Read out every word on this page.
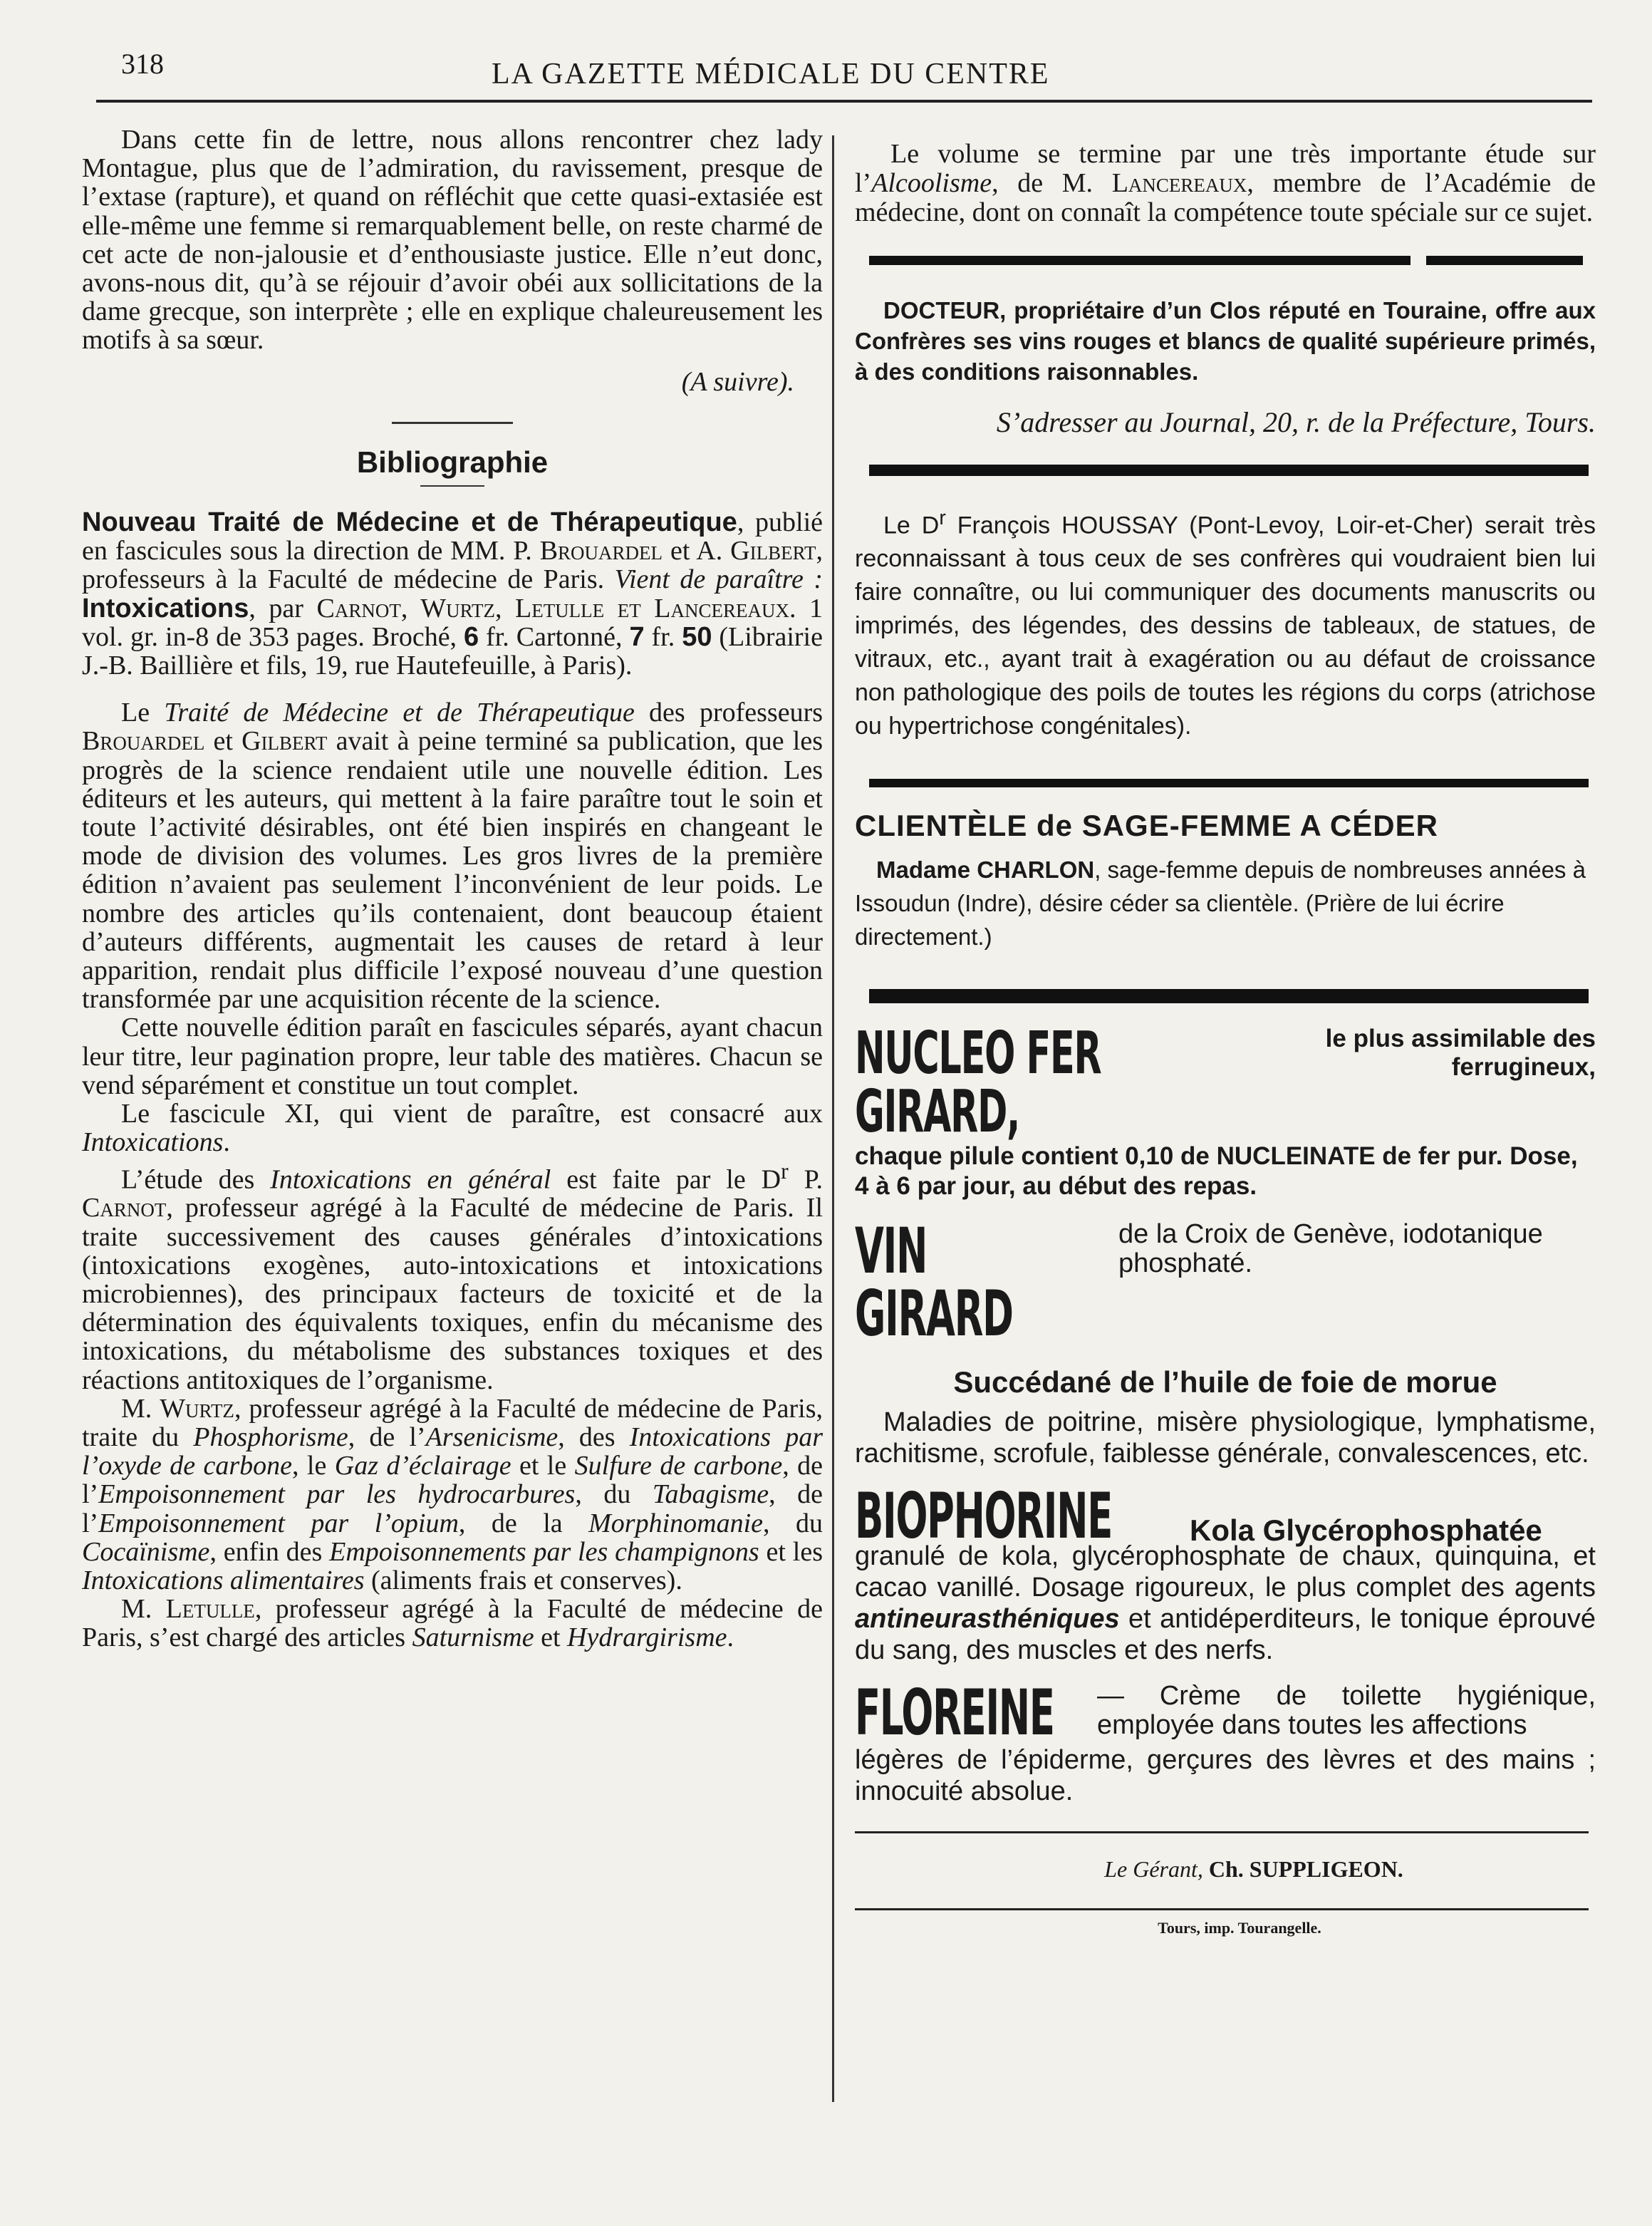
318	LA GAZETTE MÉDICALE DU CENTRE

Dans cette fin de lettre, nous allons rencontrer chez lady Montague, plus que de l’admiration, du ravissement, presque de l’extase (rapture), et quand on réfléchit que cette quasi-extasiée est elle-même une femme si remarquablement belle, on reste charmé de cet acte de non-jalousie et d’enthousiaste justice. Elle n’eut donc, avons-nous dit, qu’à se réjouir d’avoir obéi aux sollicitations de la dame grecque, son interprète ; elle en explique chaleureusement les motifs à sa sœur.

(A suivre).
Bibliographie

Nouveau Traité de Médecine et de Thérapeutique, publié en fascicules sous la direction de MM. P. Brouardel et A. Gilbert, professeurs à la Faculté de médecine de Paris. Vient de paraître : Intoxications, par Carnot, Wurtz, Letulle et Lancereaux. 1 vol. gr. in-8 de 353 pages. Broché, 6 fr. Cartonné, 7 fr. 50 (Librairie J.-B. Baillière et fils, 19, rue Hautefeuille, à Paris).

Le Traité de Médecine et de Thérapeutique des professeurs Brouardel et Gilbert avait à peine terminé sa publication, que les progrès de la science rendaient utile une nouvelle édition. Les éditeurs et les auteurs, qui mettent à la faire paraître tout le soin et toute l’activité désirables, ont été bien inspirés en changeant le mode de division des volumes. Les gros livres de la première édition n’avaient pas seulement l’inconvénient de leur poids. Le nombre des articles qu’ils contenaient, dont beaucoup étaient d’auteurs différents, augmentait les causes de retard à leur apparition, rendait plus difficile l’exposé nouveau d’une question transformée par une acquisition récente de la science.

Cette nouvelle édition paraît en fascicules séparés, ayant chacun leur titre, leur pagination propre, leur table des matières. Chacun se vend séparément et constitue un tout complet.

Le fascicule XI, qui vient de paraître, est consacré aux Intoxications.

L’étude des Intoxications en général est faite par le $D^r$ P. Carnot, professeur agrégé à la Faculté de médecine de Paris. Il traite successivement des causes générales d’intoxications (intoxications exogènes, auto-intoxications et intoxications microbiennes), des principaux facteurs de toxicité et de la détermination des équivalents toxiques, enfin du mécanisme des intoxications, du métabolisme des substances toxiques et des réactions antitoxiques de l’organisme.

M. Wurtz, professeur agrégé à la Faculté de médecine de Paris, traite du Phosphorisme, de l’Arsenicisme, des Intoxications par l’oxyde de carbone, le Gaz d’éclairage et le Sulfure de carbone, de l’Empoisonnement par les hydrocarbures, du Tabagisme, de l’Empoisonnement par l’opium, de la Morphinomanie, du Cocaïnisme, enfin des Empoisonnements par les champignons et les Intoxications alimentaires (aliments frais et conserves).

M. Letulle, professeur agrégé à la Faculté de médecine de Paris, s’est chargé des articles Saturnisme et Hydrargirisme.

Le volume se termine par une très importante étude sur l’Alcoolisme, de M. Lancereaux, membre de l’Académie de médecine, dont on connaît la compétence toute spéciale sur ce sujet.

DOCTEUR, propriétaire d’un Clos réputé en Touraine, offre aux Confrères ses vins rouges et blancs de qualité supérieure primés, à des conditions raisonnables.

S’adresser au Journal, 20, r. de la Préfecture, Tours.

Le $D^r$ François HOUSSAY (Pont-Levoy, Loir-et-Cher) serait très reconnaissant à tous ceux de ses confrères qui voudraient bien lui faire connaître, ou lui communiquer des documents manuscrits ou imprimés, des légendes, des dessins de tableaux, de statues, de vitraux, etc., ayant trait à exagération ou au défaut de croissance non pathologique des poils de toutes les régions du corps (atrichose ou hypertrichose congénitales).

CLIENTÈLE de SAGE-FEMME A CÉDER

Madame CHARLON, sage-femme depuis de nombreuses années à Issoudun (Indre), désire céder sa clientèle. (Prière de lui écrire directement.)

NUCLEO FER GIRARD,
le plus assimilable des ferrugineux,
chaque pilule contient 0,10 de NUCLEINATE de fer pur. Dose, 4 à 6 par jour, au début des repas.
VIN GIRARD
de la Croix de Genève, iodotanique phosphaté.
Succédané de l’huile de foie de morue

Maladies de poitrine, misère physiologique, lymphatisme, rachitisme, scrofule, faiblesse générale, convalescences, etc.

BIOPHORINE	Kola Glycérophosphatée
granulé de kola, glycérophosphate de chaux, quinquina, et cacao vanillé. Dosage rigoureux, le plus complet des agents antineurasthéniques et antidéperditeurs, le tonique éprouvé du sang, des muscles et des nerfs.
FLOREINE — Crème de toilette hygiénique, employée dans toutes les affections
légères de l’épiderme, gerçures des lèvres et des mains ; innocuité absolue.
Le Gérant, Ch. SUPPLIGEON.
Tours, imp. Tourangelle.
